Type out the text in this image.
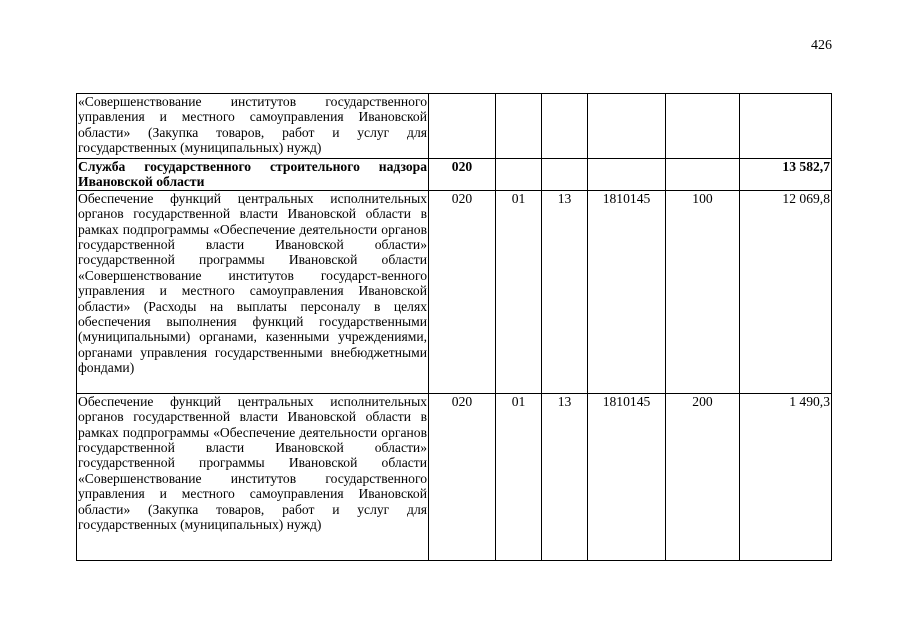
426
«Совершенствование институтов государственного управления и местного самоуправления Ивановской области» (Закупка товаров, работ и услуг для государственных (муниципальных) нужд)						
Служба государственного строительного надзора Ивановской области	020					13 582,7
Обеспечение функций центральных исполнительных органов государственной власти Ивановской области в рамках подпрограммы «Обеспечение деятельности органов государственной власти Ивановской области» государственной программы Ивановской области «Совершенствование институтов государст-венного управления и местного самоуправления Ивановской области» (Расходы на выплаты персоналу в целях обеспечения выполнения функций государственными (муниципальными) органами, казенными учреждениями, органами управления государственными внебюджетными фондами)	020	01	13	1810145	100	12 069,8
Обеспечение функций центральных исполнительных органов государственной власти Ивановской области в рамках подпрограммы «Обеспечение деятельности органов государственной власти Ивановской области» государственной программы Ивановской области «Совершенствование институтов государственного управления и местного самоуправления Ивановской области» (Закупка товаров, работ и услуг для государственных (муниципальных) нужд)	020	01	13	1810145	200	1 490,3
